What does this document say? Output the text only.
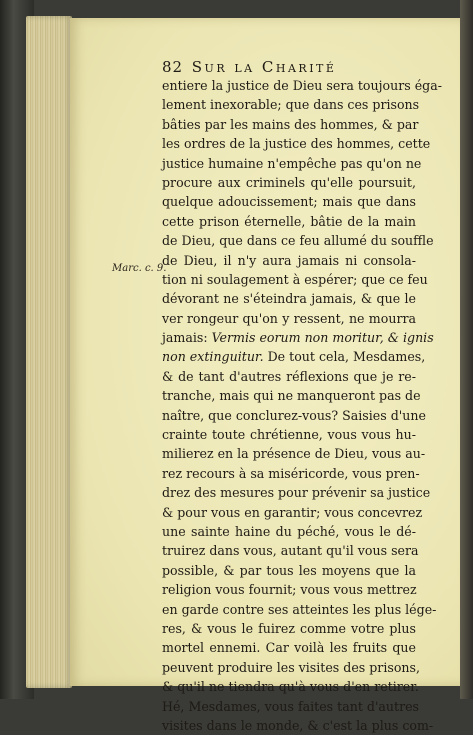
82 Sur la Charité
Marc. c. 9.
entiere la justice de Dieu sera toujours éga-
lement inexorable; que dans ces prisons
bâties par les mains des hommes, & par
les ordres de la justice des hommes, cette
justice humaine n'empêche pas qu'on ne
procure aux criminels qu'elle poursuit,
quelque adoucissement; mais que dans
cette prison éternelle, bâtie de la main
de Dieu, que dans ce feu allumé du souffle
de Dieu, il n'y aura jamais ni consola-
tion ni soulagement à espérer; que ce feu
dévorant ne s'éteindra jamais, & que le
ver rongeur qu'on y ressent, ne mourra
jamais: Vermis eorum non moritur, & ignis
non extinguitur. De tout cela, Mesdames,
& de tant d'autres réflexions que je re-
tranche, mais qui ne manqueront pas de
naître, que conclurez-vous? Saisies d'une
crainte toute chrétienne, vous vous hu-
milierez en la présence de Dieu, vous au-
rez recours à sa miséricorde, vous pren-
drez des mesures pour prévenir sa justice
& pour vous en garantir; vous concevrez
une sainte haine du péché, vous le dé-
truirez dans vous, autant qu'il vous sera
possible, & par tous les moyens que la
religion vous fournit; vous vous mettrez
en garde contre ses atteintes les plus lége-
res, & vous le fuirez comme votre plus
mortel ennemi. Car voilà les fruits que
peuvent produire les visites des prisons,
& qu'il ne tiendra qu'à vous d'en retirer.
Hé, Mesdames, vous faites tant d'autres
visites dans le monde, & c'est la plus com-
